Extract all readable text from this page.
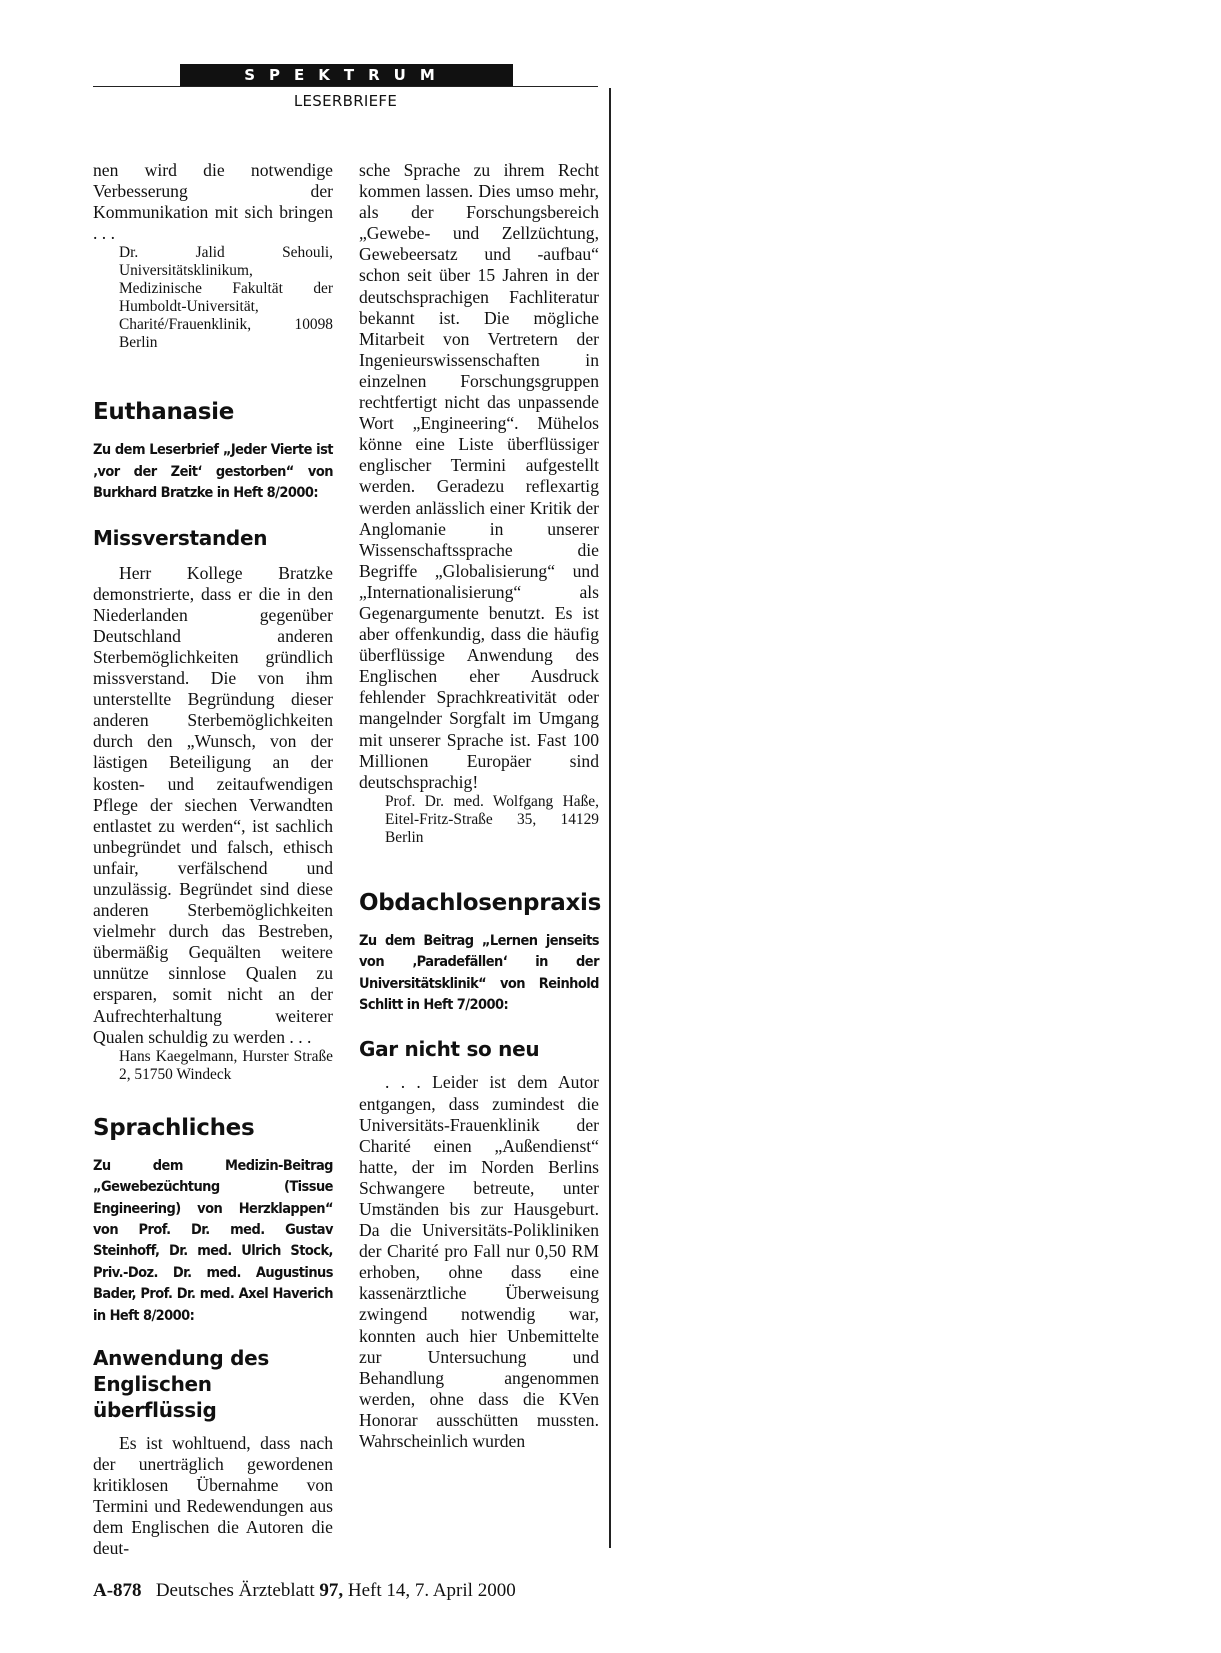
SPEKTRUM
LESERBRIEFE

nen wird die notwendige Verbesserung der Kommunikation mit sich bringen . . .

Dr. Jalid Sehouli, Universitätsklinikum, Medizinische Fakultät der Humboldt-Universität, Charité/Frauenklinik, 10098 Berlin
Euthanasie
Zu dem Leserbrief „Jeder Vierte ist ‚vor der Zeit‘ gestorben“ von Burkhard Bratzke in Heft 8/2000:
Missverstanden

Herr Kollege Bratzke demonstrierte, dass er die in den Niederlanden gegenüber Deutschland anderen Sterbemöglichkeiten gründlich missverstand. Die von ihm unterstellte Begründung dieser anderen Sterbemöglichkeiten durch den „Wunsch, von der lästigen Beteiligung an der kosten- und zeitaufwendigen Pflege der siechen Verwandten entlastet zu werden“, ist sachlich unbegründet und falsch, ethisch unfair, verfälschend und unzulässig. Begründet sind diese anderen Sterbemöglichkeiten vielmehr durch das Bestreben, übermäßig Gequälten weitere unnütze sinnlose Qualen zu ersparen, somit nicht an der Aufrechterhaltung weiterer Qualen schuldig zu werden . . .

Hans Kaegelmann, Hurster Straße 2, 51750 Windeck
Sprachliches
Zu dem Medizin-Beitrag „Gewebezüchtung (Tissue Engineering) von Herzklappen“ von Prof. Dr. med. Gustav Steinhoff, Dr. med. Ulrich Stock, Priv.-Doz. Dr. med. Augustinus Bader, Prof. Dr. med. Axel Haverich in Heft 8/2000:
Anwendung des Englischen überflüssig

Es ist wohltuend, dass nach der unerträglich gewordenen kritiklosen Übernahme von Termini und Redewendungen aus dem Englischen die Autoren die deut-

sche Sprache zu ihrem Recht kommen lassen. Dies umso mehr, als der Forschungsbereich „Gewebe- und Zellzüchtung, Gewebeersatz und -aufbau“ schon seit über 15 Jahren in der deutschsprachigen Fachliteratur bekannt ist. Die mögliche Mitarbeit von Vertretern der Ingenieurswissenschaften in einzelnen Forschungsgruppen rechtfertigt nicht das unpassende Wort „Engineering“. Mühelos könne eine Liste überflüssiger englischer Termini aufgestellt werden. Geradezu reflexartig werden anlässlich einer Kritik der Anglomanie in unserer Wissenschaftssprache die Begriffe „Globalisierung“ und „Internationalisierung“ als Gegenargumente benutzt. Es ist aber offenkundig, dass die häufig überflüssige Anwendung des Englischen eher Ausdruck fehlender Sprachkreativität oder mangelnder Sorgfalt im Umgang mit unserer Sprache ist. Fast 100 Millionen Europäer sind deutschsprachig!

Prof. Dr. med. Wolfgang Haße, Eitel-Fritz-Straße 35, 14129 Berlin
Obdachlosenpraxis
Zu dem Beitrag „Lernen jenseits von ‚Paradefällen‘ in der Universitätsklinik“ von Reinhold Schlitt in Heft 7/2000:
Gar nicht so neu

. . . Leider ist dem Autor entgangen, dass zumindest die Universitäts-Frauenklinik der Charité einen „Außendienst“ hatte, der im Norden Berlins Schwangere betreute, unter Umständen bis zur Hausgeburt. Da die Universitäts-Polikliniken der Charité pro Fall nur 0,50 RM erhoben, ohne dass eine kassenärztliche Überweisung zwingend notwendig war, konnten auch hier Unbemittelte zur Untersuchung und Behandlung angenommen werden, ohne dass die KVen Honorar ausschütten mussten. Wahrscheinlich wurden

A-878 Deutsches Ärzteblatt 97, Heft 14, 7. April 2000
